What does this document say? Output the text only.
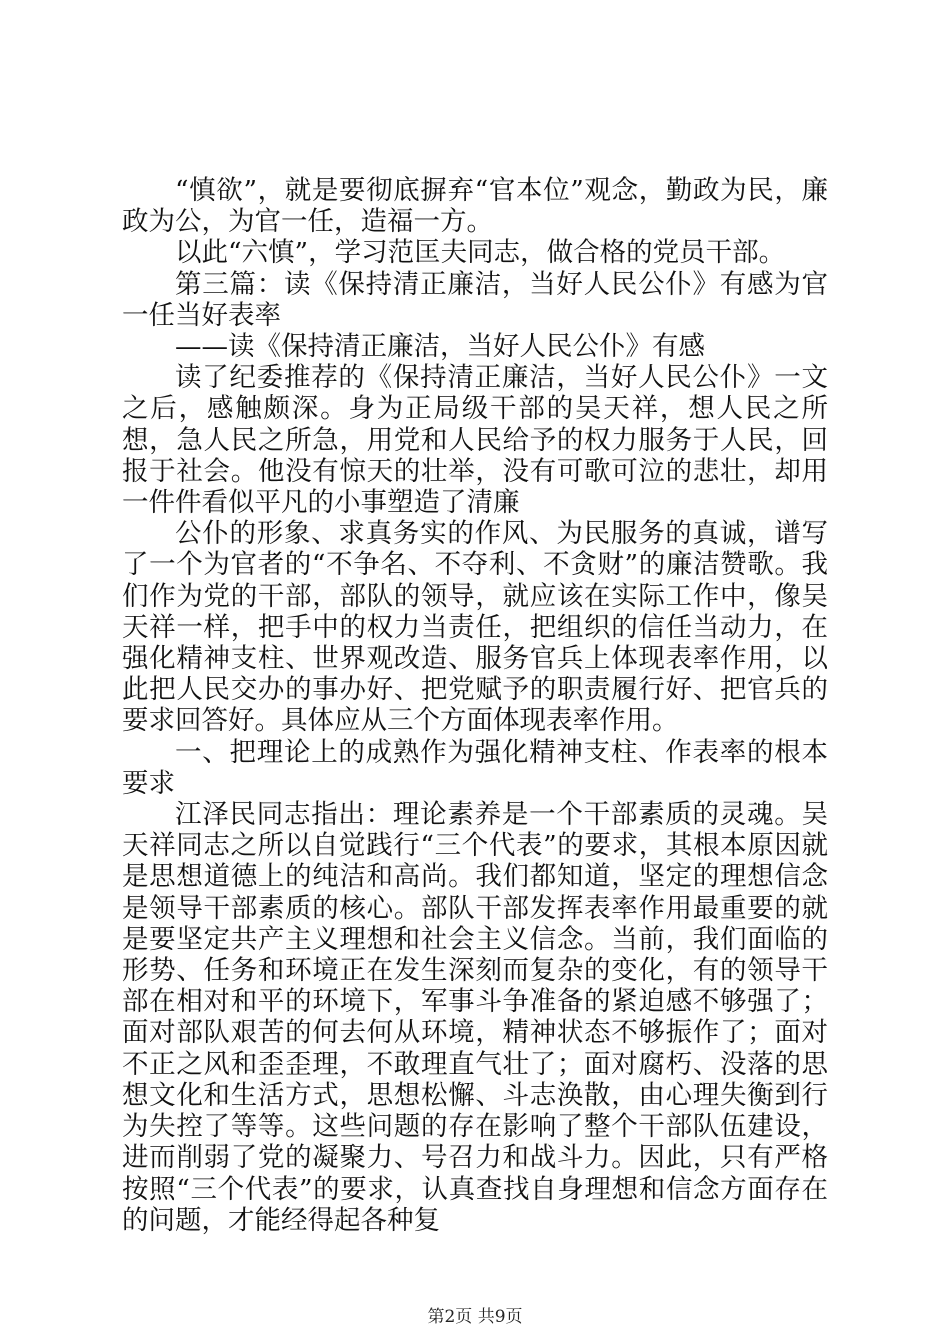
“慎欲”，就是要彻底摒弃“官本位”观念，勤政为民，廉政为公，为官一任，造福一方。

以此“六慎”，学习范匡夫同志，做合格的党员干部。

第三篇：读《保持清正廉洁，当好人民公仆》有感为官一任当好表率

——读《保持清正廉洁，当好人民公仆》有感

读了纪委推荐的《保持清正廉洁，当好人民公仆》一文之后，感触颇深。身为正局级干部的吴天祥，想人民之所想，急人民之所急，用党和人民给予的权力服务于人民，回报于社会。他没有惊天的壮举，没有可歌可泣的悲壮，却用一件件看似平凡的小事塑造了清廉

公仆的形象、求真务实的作风、为民服务的真诚，谱写了一个为官者的“不争名、不夺利、不贪财”的廉洁赞歌。我们作为党的干部，部队的领导，就应该在实际工作中，像吴天祥一样，把手中的权力当责任，把组织的信任当动力，在强化精神支柱、世界观改造、服务官兵上体现表率作用，以此把人民交办的事办好、把党赋予的职责履行好、把官兵的要求回答好。具体应从三个方面体现表率作用。

一、把理论上的成熟作为强化精神支柱、作表率的根本要求

江泽民同志指出：理论素养是一个干部素质的灵魂。吴天祥同志之所以自觉践行“三个代表”的要求，其根本原因就是思想道德上的纯洁和高尚。我们都知道，坚定的理想信念是领导干部素质的核心。部队干部发挥表率作用最重要的就是要坚定共产主义理想和社会主义信念。当前，我们面临的形势、任务和环境正在发生深刻而复杂的变化，有的领导干部在相对和平的环境下，军事斗争准备的紧迫感不够强了；面对部队艰苦的何去何从环境，精神状态不够振作了；面对不正之风和歪歪理，不敢理直气壮了；面对腐朽、没落的思想文化和生活方式，思想松懈、斗志涣散，由心理失衡到行为失控了等等。这些问题的存在影响了整个干部队伍建设，进而削弱了党的凝聚力、号召力和战斗力。因此，只有严格按照“三个代表”的要求，认真查找自身理想和信念方面存在的问题，才能经得起各种复

第2页 共9页
